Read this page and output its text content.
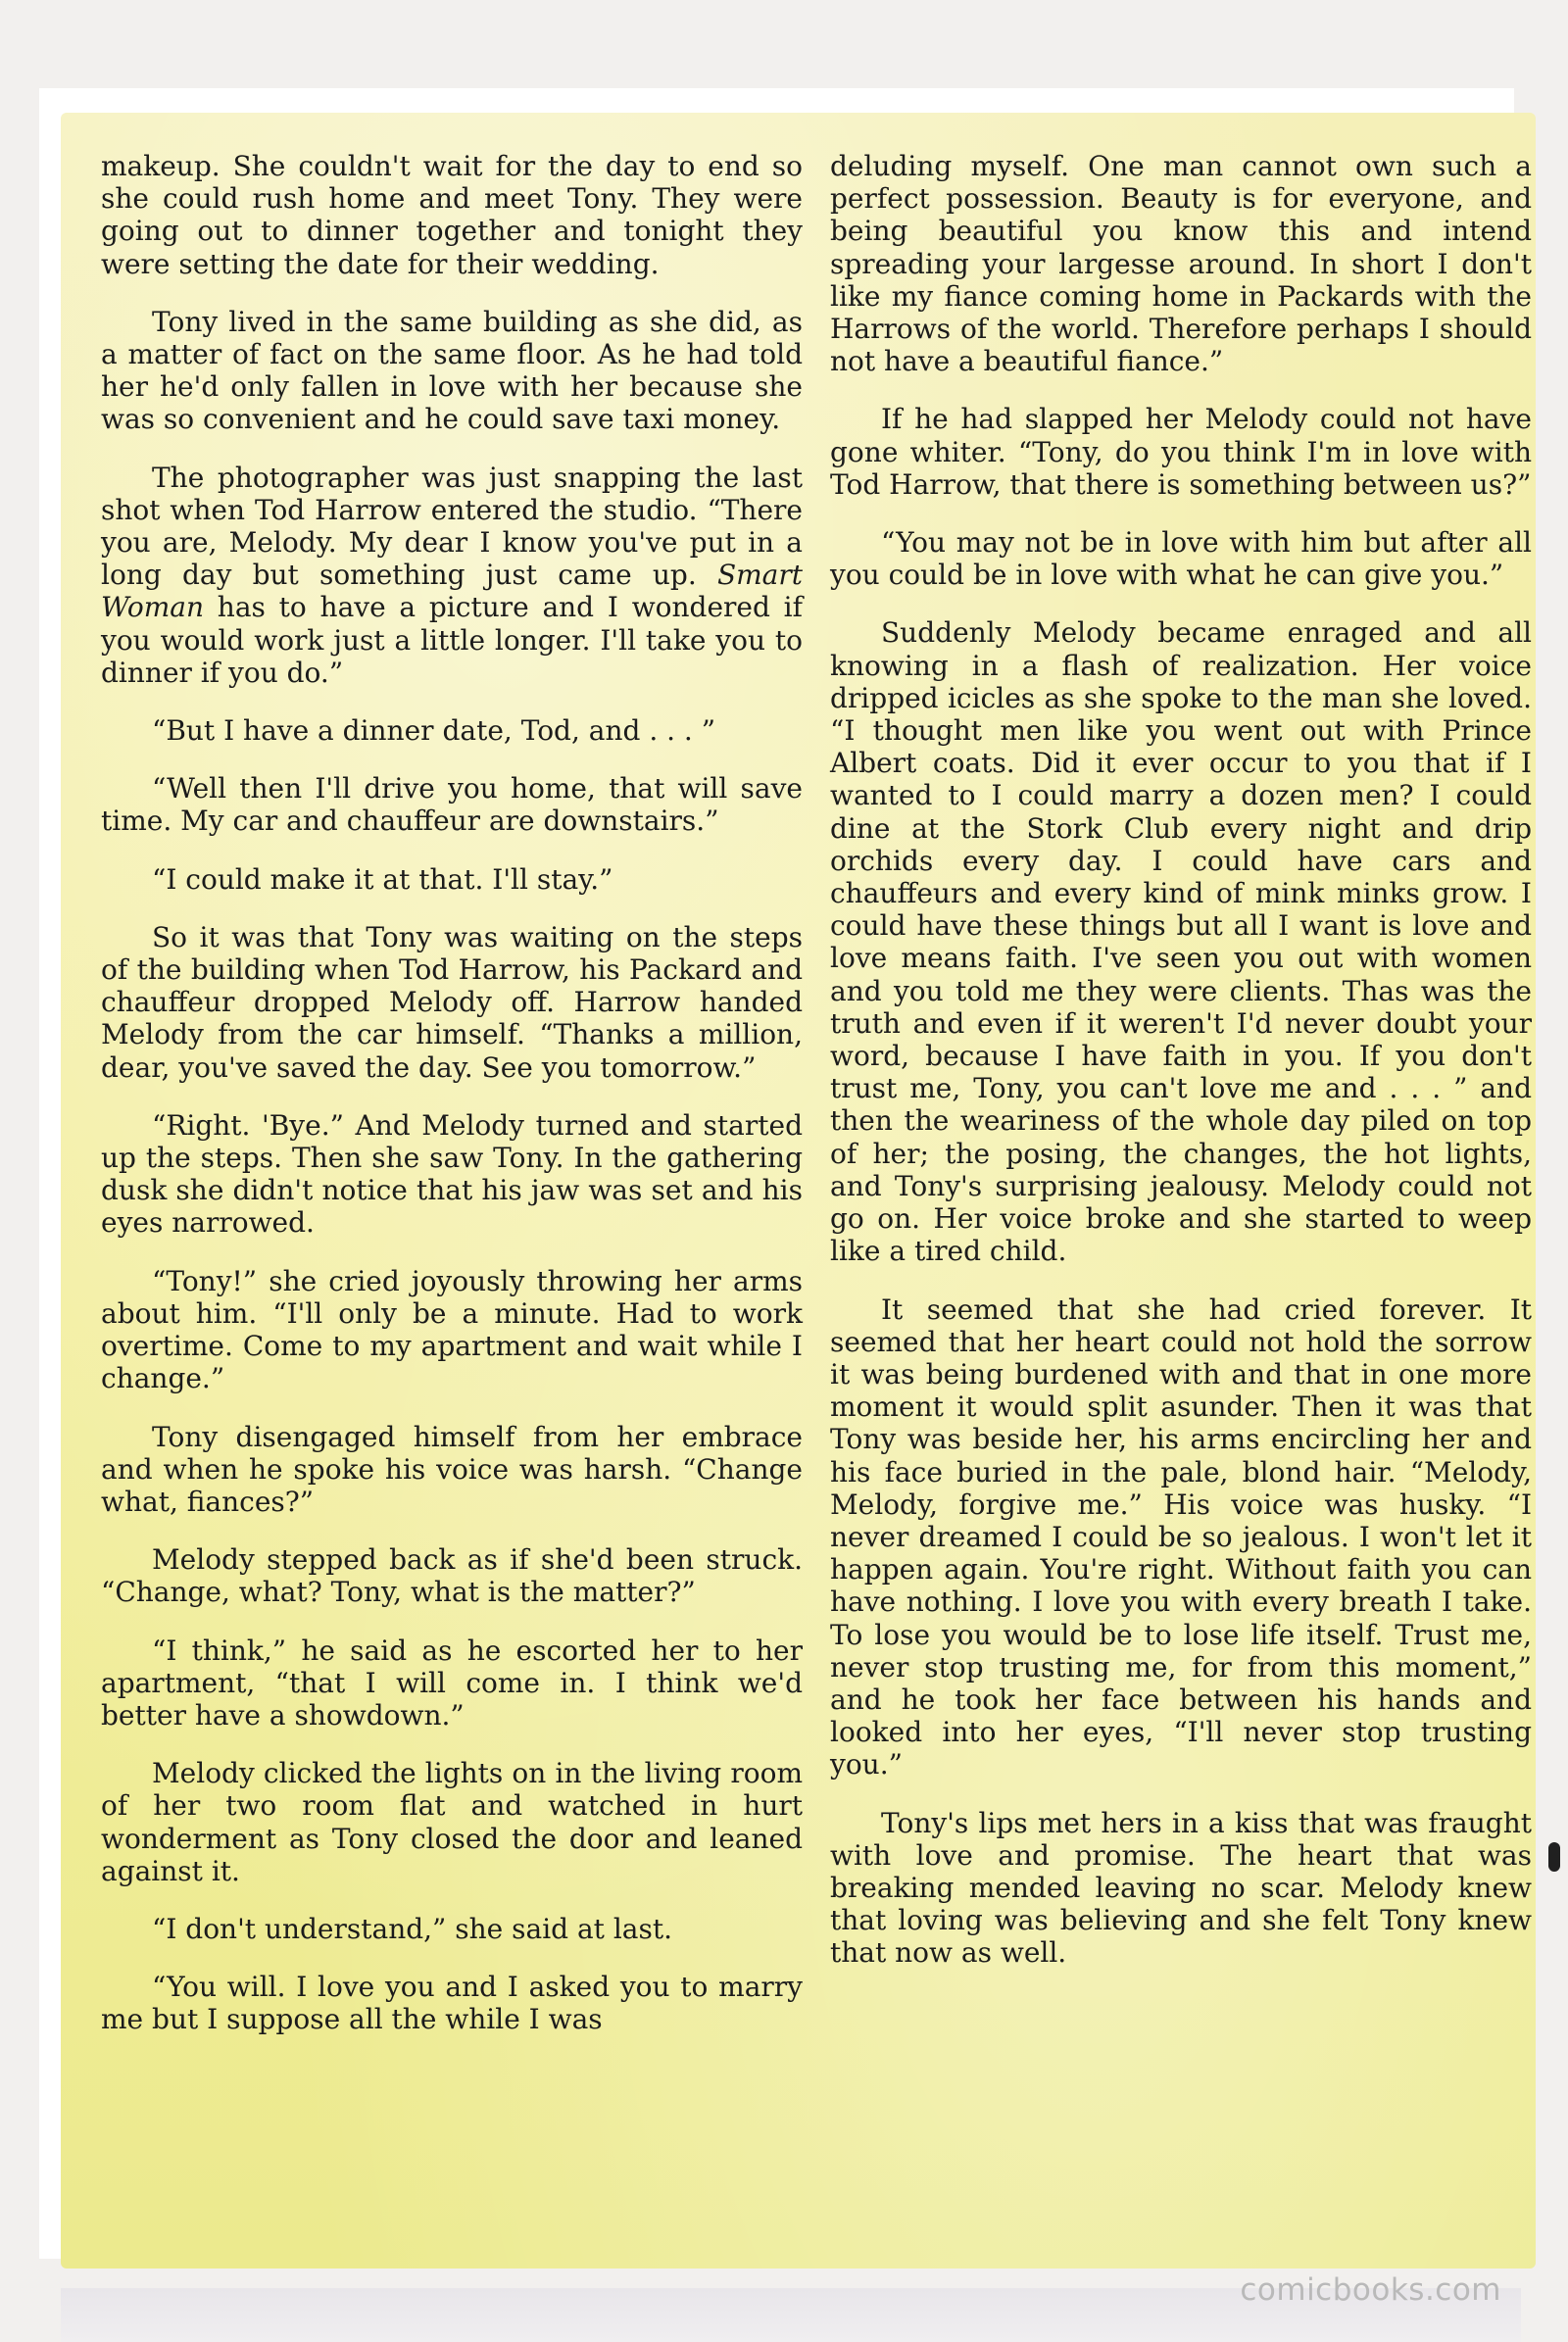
makeup. She couldn't wait for the day to end so she could rush home and meet Tony. They were going out to dinner together and tonight they were setting the date for their wedding.

Tony lived in the same building as she did, as a matter of fact on the same floor. As he had told her he'd only fallen in love with her because she was so convenient and he could save taxi money.

The photographer was just snapping the last shot when Tod Harrow entered the studio. “There you are, Melody. My dear I know you've put in a long day but something just came up. Smart Woman has to have a picture and I wondered if you would work just a little longer. I'll take you to dinner if you do.”

“But I have a dinner date, Tod, and . . . ”

“Well then I'll drive you home, that will save time. My car and chauffeur are downstairs.”

“I could make it at that. I'll stay.”

So it was that Tony was waiting on the steps of the building when Tod Harrow, his Packard and chauffeur dropped Melody off. Harrow handed Melody from the car himself. “Thanks a million, dear, you've saved the day. See you tomorrow.”

“Right. 'Bye.” And Melody turned and started up the steps. Then she saw Tony. In the gathering dusk she didn't notice that his jaw was set and his eyes narrowed.

“Tony!” she cried joyously throwing her arms about him. “I'll only be a minute. Had to work overtime. Come to my apartment and wait while I change.”

Tony disengaged himself from her embrace and when he spoke his voice was harsh. “Change what, fiances?”

Melody stepped back as if she'd been struck. “Change, what? Tony, what is the matter?”

“I think,” he said as he escorted her to her apartment, “that I will come in. I think we'd better have a showdown.”

Melody clicked the lights on in the living room of her two room flat and watched in hurt wonderment as Tony closed the door and leaned against it.

“I don't understand,” she said at last.

“You will. I love you and I asked you to marry me but I suppose all the while I was

deluding myself. One man cannot own such a perfect possession. Beauty is for everyone, and being beautiful you know this and intend spreading your largesse around. In short I don't like my fiance coming home in Packards with the Harrows of the world. Therefore perhaps I should not have a beautiful fiance.”

If he had slapped her Melody could not have gone whiter. “Tony, do you think I'm in love with Tod Harrow, that there is something between us?”

“You may not be in love with him but after all you could be in love with what he can give you.”

Suddenly Melody became enraged and all knowing in a flash of realization. Her voice dripped icicles as she spoke to the man she loved. “I thought men like you went out with Prince Albert coats. Did it ever occur to you that if I wanted to I could marry a dozen men? I could dine at the Stork Club every night and drip orchids every day. I could have cars and chauffeurs and every kind of mink minks grow. I could have these things but all I want is love and love means faith. I've seen you out with women and you told me they were clients. Thas was the truth and even if it weren't I'd never doubt your word, because I have faith in you. If you don't trust me, Tony, you can't love me and . . . ” and then the weariness of the whole day piled on top of her; the posing, the changes, the hot lights, and Tony's surprising jealousy. Melody could not go on. Her voice broke and she started to weep like a tired child.

It seemed that she had cried forever. It seemed that her heart could not hold the sorrow it was being burdened with and that in one more moment it would split asunder. Then it was that Tony was beside her, his arms encircling her and his face buried in the pale, blond hair. “Melody, Melody, forgive me.” His voice was husky. “I never dreamed I could be so jealous. I won't let it happen again. You're right. Without faith you can have nothing. I love you with every breath I take. To lose you would be to lose life itself. Trust me, never stop trusting me, for from this moment,” and he took her face between his hands and looked into her eyes, “I'll never stop trusting you.”

Tony's lips met hers in a kiss that was fraught with love and promise. The heart that was breaking mended leaving no scar. Melody knew that loving was believing and she felt Tony knew that now as well.

comicbooks.com
